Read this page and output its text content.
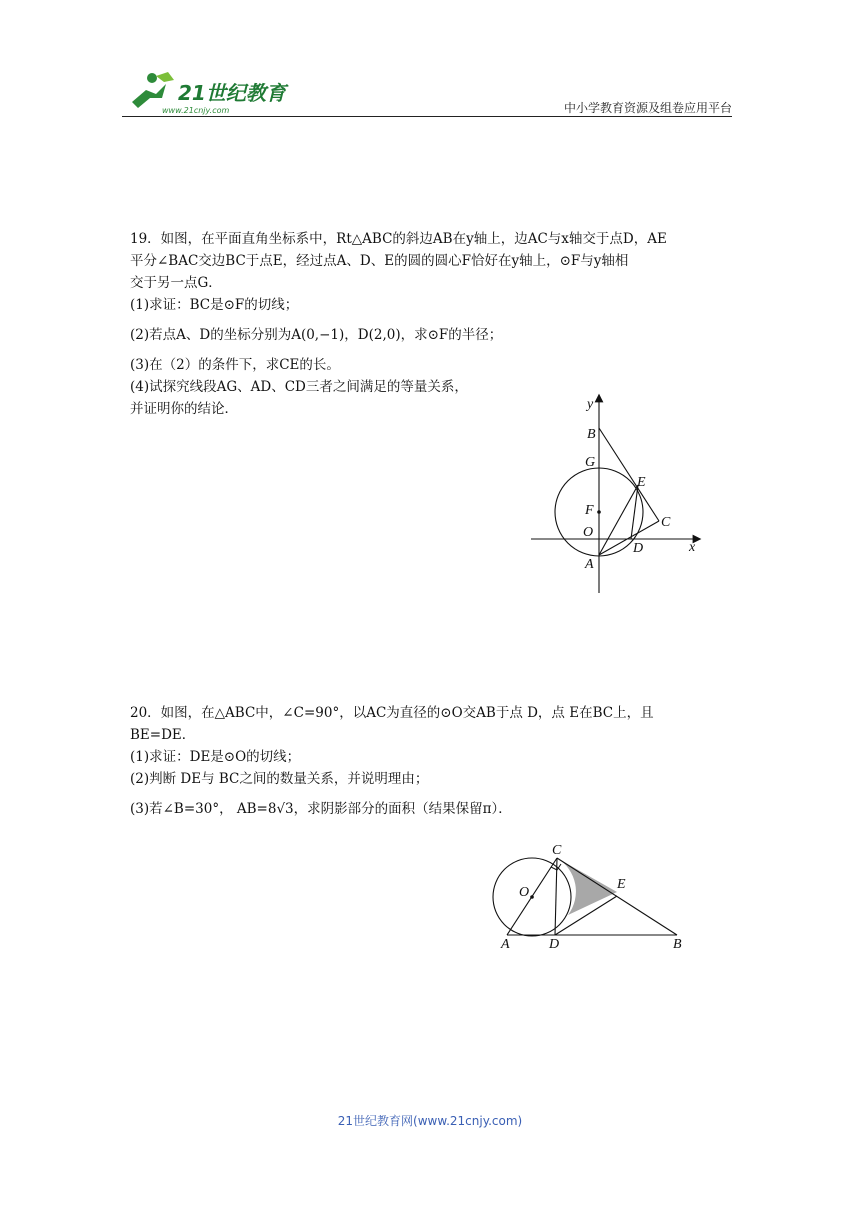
21世纪教育
www.21cnjy.com	中小学教育资源及组卷应用平台
19．如图，在平面直角坐标系中，Rt△ABC的斜边AB在y轴上，边AC与x轴交于点D，AE
平分∠BAC交边BC于点E，经过点A、D、E的圆的圆心F恰好在y轴上，⊙F与y轴相
交于另一点G．
(1)求证：BC是⊙F的切线；
(2)若点A、D的坐标分别为A(0,−1)，D(2,0)，求⊙F的半径；
(3)在（2）的条件下，求CE的长。
(4)试探究线段AG、AD、CD三者之间满足的等量关系，
并证明你的结论．	y
x
B
G
E
F
O
C
D
A
20．如图，在△ABC中，∠C=90°，以AC为直径的⊙O交AB于点 D，点 E在BC上，且
BE=DE．
(1)求证：DE是⊙O的切线；
(2)判断 DE与 BC之间的数量关系，并说明理由；
(3)若∠B=30°， AB=8√3，求阴影部分的面积（结果保留π）．
C
O
E
A	D	B
21世纪教育网(www.21cnjy.com)
